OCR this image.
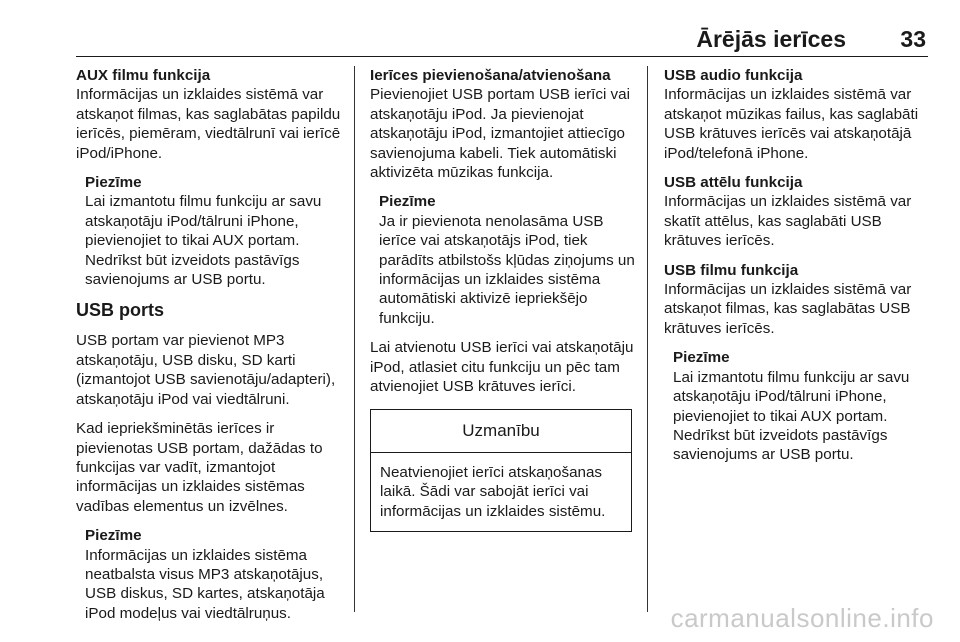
Ārējās ierīces 33
AUX filmu funkcija

Informācijas un izklaides sistēmā var atskaņot filmas, kas saglabātas papildu ierīcēs, piemēram, viedtālrunī vai ierīcē iPod/iPhone.

Piezīme
Lai izmantotu filmu funkciju ar savu atskaņotāju iPod/tālruni iPhone, pievienojiet to tikai AUX portam. Nedrīkst būt izveidots pastāvīgs savienojums ar USB portu.
USB ports

USB portam var pievienot MP3 atskaņotāju, USB disku, SD karti (izmantojot USB savienotāju/adapteri), atskaņotāju iPod vai viedtālruni.

Kad iepriekšminētās ierīces ir pievienotas USB portam, dažādas to funkcijas var vadīt, izmantojot informācijas un izklaides sistēmas vadības elementus un izvēlnes.

Piezīme
Informācijas un izklaides sistēma neatbalsta visus MP3 atskaņotājus, USB diskus, SD kartes, atskaņotāja iPod modeļus vai viedtālruņus.
Ierīces pievienošana/atvienošana

Pievienojiet USB portam USB ierīci vai atskaņotāju iPod. Ja pievienojat atskaņotāju iPod, izmantojiet attiecīgo savienojuma kabeli. Tiek automātiski aktivizēta mūzikas funkcija.

Piezīme
Ja ir pievienota nenolasāma USB ierīce vai atskaņotājs iPod, tiek parādīts atbilstošs kļūdas ziņojums un informācijas un izklaides sistēma automātiski aktivizē iepriekšējo funkciju.

Lai atvienotu USB ierīci vai atskaņotāju iPod, atlasiet citu funkciju un pēc tam atvienojiet USB krātuves ierīci.

Uzmanību
Neatvienojiet ierīci atskaņošanas laikā. Šādi var sabojāt ierīci vai informācijas un izklaides sistēmu.
USB audio funkcija

Informācijas un izklaides sistēmā var atskaņot mūzikas failus, kas saglabāti USB krātuves ierīcēs vai atskaņotājā iPod/telefonā iPhone.

USB attēlu funkcija

Informācijas un izklaides sistēmā var skatīt attēlus, kas saglabāti USB krātuves ierīcēs.

USB filmu funkcija

Informācijas un izklaides sistēmā var atskaņot filmas, kas saglabātas USB krātuves ierīcēs.

Piezīme
Lai izmantotu filmu funkciju ar savu atskaņotāju iPod/tālruni iPhone, pievienojiet to tikai AUX portam. Nedrīkst būt izveidots pastāvīgs savienojums ar USB portu.
carmanualsonline.info
